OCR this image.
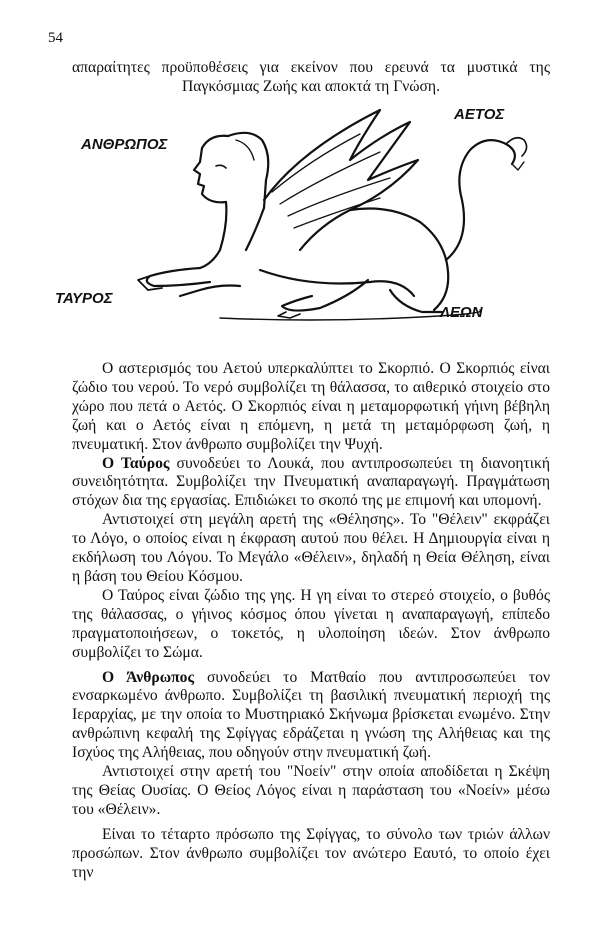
54

απαραίτητες προϋποθέσεις για εκείνον που ερευνά τα μυστικά της

Παγκόσμιας Ζωής και αποκτά τη Γνώση.

ΑΝΘΡΩΠΟΣ
ΑΕΤΟΣ
ΤΑΥΡΟΣ
ΛΕΩΝ

Ο αστερισμός του Αετού υπερκαλύπτει το Σκορπιό. Ο Σκορπιός είναι ζώδιο του νερού. Το νερό συμβολίζει τη θάλασσα, το αιθερικό στοιχείο στο χώρο που πετά ο Αετός. Ο Σκορπιός είναι η μεταμορφωτική γήινη βέβηλη ζωή και ο Αετός είναι η επόμενη, η μετά τη μεταμόρφωση ζωή, η πνευματική. Στον άνθρωπο συμβολίζει την Ψυχή.

Ο Ταύρος συνοδεύει το Λουκά, που αντιπροσωπεύει τη διανοητική συνειδητότητα. Συμβολίζει την Πνευματική αναπαραγωγή. Πραγμάτωση στόχων δια της εργασίας. Επιδιώκει το σκοπό της με επιμονή και υπομονή.

Αντιστοιχεί στη μεγάλη αρετή της «Θέλησης». Το "Θέλειν" εκφράζει το Λόγο, ο οποίος είναι η έκφραση αυτού που θέλει. Η Δημιουργία είναι η εκδήλωση του Λόγου. Το Μεγάλο «Θέλειν», δηλαδή η Θεία Θέληση, είναι η βάση του Θείου Κόσμου.

Ο Ταύρος είναι ζώδιο της γης. Η γη είναι το στερεό στοιχείο, ο βυθός της θάλασσας, ο γήινος κόσμος όπου γίνεται η αναπαραγωγή, επίπεδο πραγματοποιήσεων, ο τοκετός, η υλοποίηση ιδεών. Στον άνθρωπο συμβολίζει το Σώμα.

Ο Άνθρωπος συνοδεύει το Ματθαίο που αντιπροσωπεύει τον ενσαρκωμένο άνθρωπο. Συμβολίζει τη βασιλική πνευματική περιοχή της Ιεραρχίας, με την οποία το Μυστηριακό Σκήνωμα βρίσκεται ενωμένο. Στην ανθρώπινη κεφαλή της Σφίγγας εδράζεται η γνώση της Αλήθειας και της Ισχύος της Αλήθειας, που οδηγούν στην πνευματική ζωή.

Αντιστοιχεί στην αρετή του "Νοείν" στην οποία αποδίδεται η Σκέψη της Θείας Ουσίας. Ο Θείος Λόγος είναι η παράσταση του «Νοείν» μέσω του «Θέλειν».

Είναι το τέταρτο πρόσωπο της Σφίγγας, το σύνολο των τριών άλλων προσώπων. Στον άνθρωπο συμβολίζει τον ανώτερο Εαυτό, το οποίο έχει την
